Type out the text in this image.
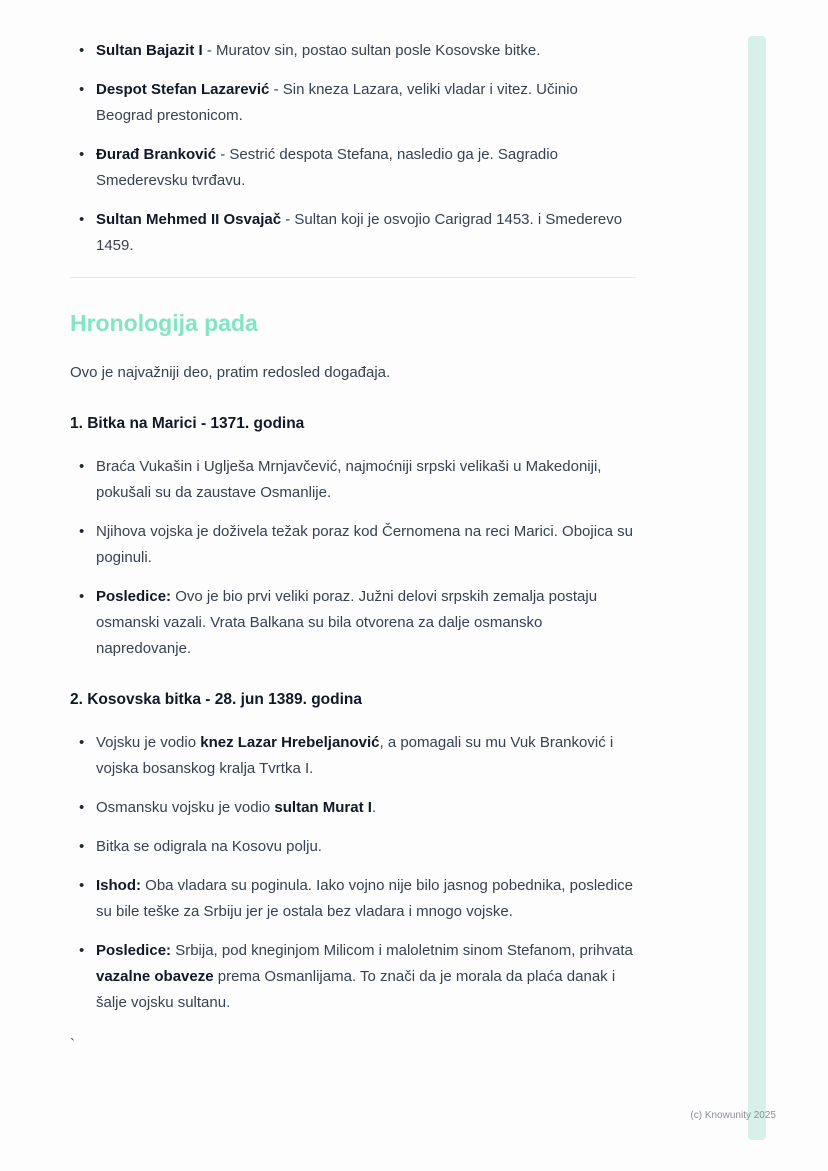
• Sultan Bajazit I - Muratov sin, postao sultan posle Kosovske bitke.
• Despot Stefan Lazarević - Sin kneza Lazara, veliki vladar i vitez. Učinio Beograd prestonicom.
• Đurađ Branković - Sestrić despota Stefana, nasledio ga je. Sagradio Smederevsku tvrđavu.
• Sultan Mehmed II Osvajač - Sultan koji je osvojio Carigrad 1453. i Smederevo 1459.
Hronologija pada

Ovo je najvažniji deo, pratim redosled događaja.

1. Bitka na Marici - 1371. godina

• Braća Vukašin i Uglješa Mrnjavčević, najmoćniji srpski velikaši u Makedoniji, pokušali su da zaustave Osmanlije.
• Njihova vojska je doživela težak poraz kod Černomena na reci Marici. Obojica su poginuli.
• Posledice: Ovo je bio prvi veliki poraz. Južni delovi srpskih zemalja postaju osmanski vazali. Vrata Balkana su bila otvorena za dalje osmansko napredovanje.

2. Kosovska bitka - 28. jun 1389. godina

• Vojsku je vodio knez Lazar Hrebeljanović, a pomagali su mu Vuk Branković i vojska bosanskog kralja Tvrtka I.
• Osmansku vojsku je vodio sultan Murat I.
• Bitka se odigrala na Kosovu polju.
• Ishod: Oba vladara su poginula. Iako vojno nije bilo jasnog pobednika, posledice su bile teške za Srbiju jer je ostala bez vladara i mnogo vojske.
• Posledice: Srbija, pod kneginjom Milicom i maloletnim sinom Stefanom, prihvata vazalne obaveze prema Osmanlijama. To znači da je morala da plaća danak i šalje vojsku sultanu.

`

(c) Knowunity 2025
